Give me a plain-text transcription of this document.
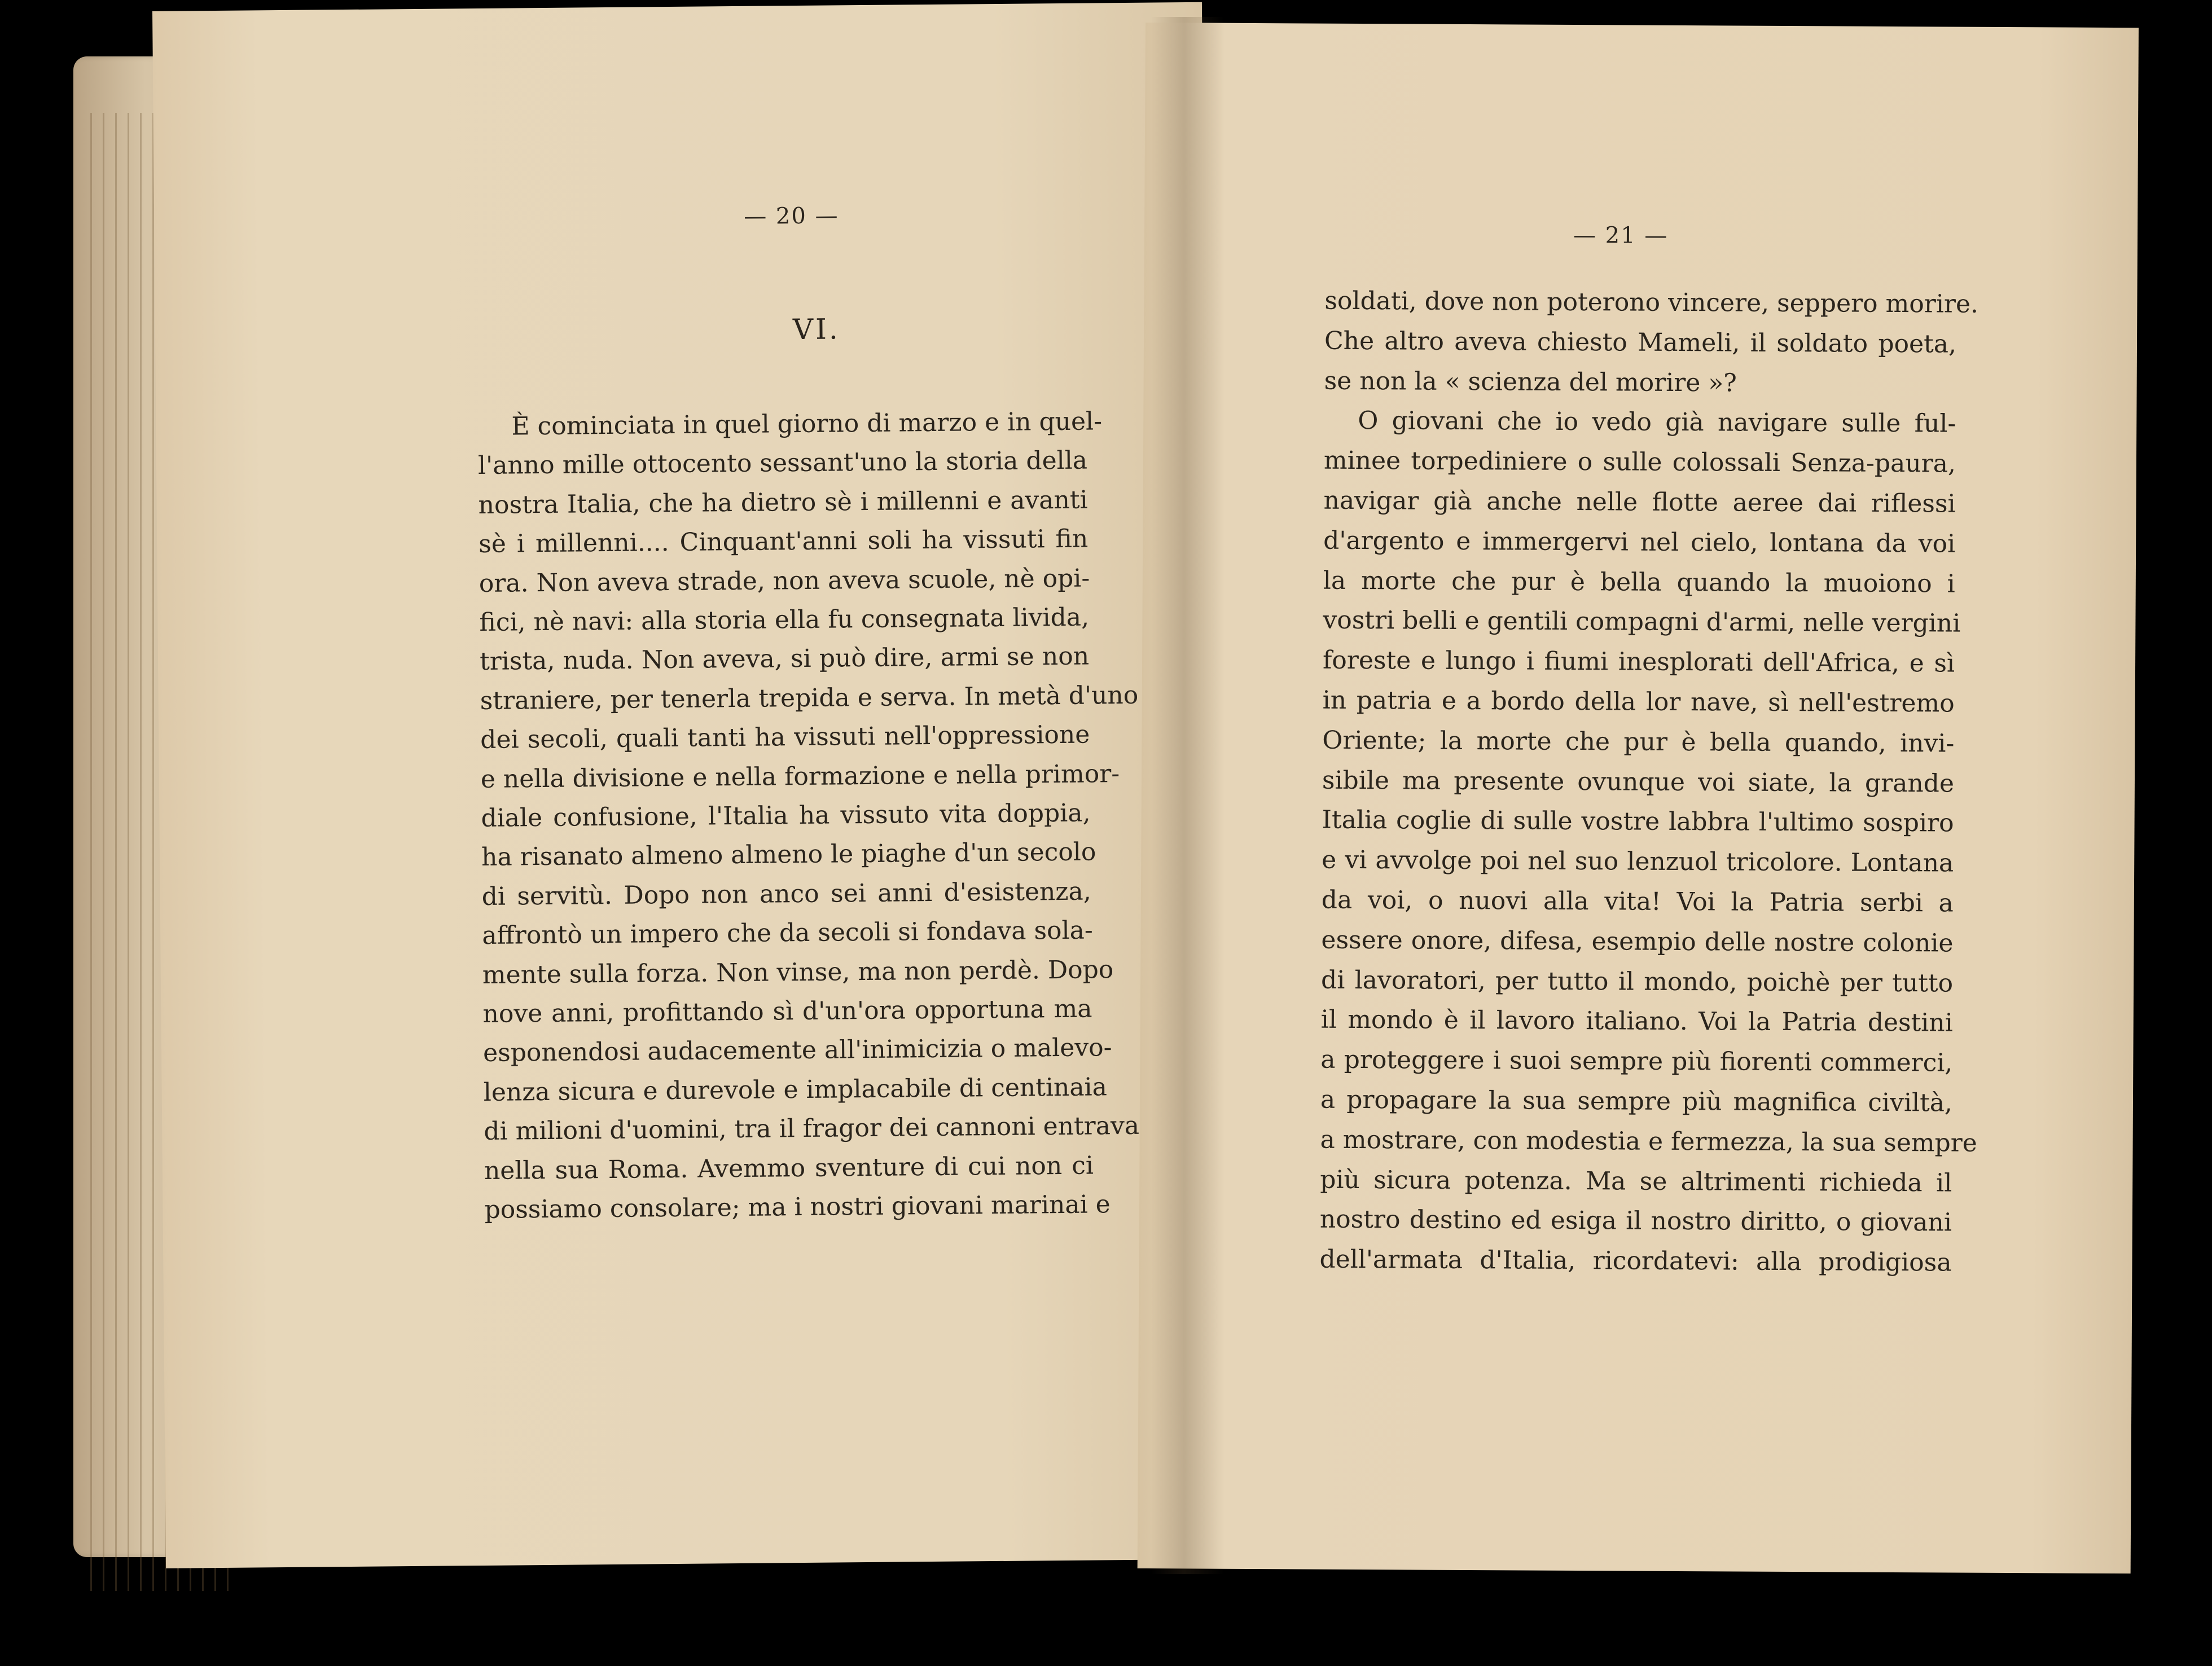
— 20 —
VI.
È cominciata in quel giorno di marzo e in quel-
l'anno mille ottocento sessant'uno la storia della
nostra Italia, che ha dietro sè i millenni e avanti
sè i millenni.... Cinquant'anni soli ha vissuti fin
ora. Non aveva strade, non aveva scuole, nè opi-
fici, nè navi: alla storia ella fu consegnata livida,
trista, nuda. Non aveva, si può dire, armi se non
straniere, per tenerla trepida e serva. In metà d'uno
dei secoli, quali tanti ha vissuti nell'oppressione
e nella divisione e nella formazione e nella primor-
diale confusione, l'Italia ha vissuto vita doppia,
ha risanato almeno almeno le piaghe d'un secolo
di servitù. Dopo non anco sei anni d'esistenza,
affrontò un impero che da secoli si fondava sola-
mente sulla forza. Non vinse, ma non perdè. Dopo
nove anni, profittando sì d'un'ora opportuna ma
esponendosi audacemente all'inimicizia o malevo-
lenza sicura e durevole e implacabile di centinaia
di milioni d'uomini, tra il fragor dei cannoni entrava
nella sua Roma. Avemmo sventure di cui non ci
possiamo consolare; ma i nostri giovani marinai e
— 21 —
soldati, dove non poterono vincere, seppero morire.
Che altro aveva chiesto Mameli, il soldato poeta,
se non la « scienza del morire »?
O giovani che io vedo già navigare sulle ful-
minee torpediniere o sulle colossali Senza-paura,
navigar già anche nelle flotte aeree dai riflessi
d'argento e immergervi nel cielo, lontana da voi
la morte che pur è bella quando la muoiono i
vostri belli e gentili compagni d'armi, nelle vergini
foreste e lungo i fiumi inesplorati dell'Africa, e sì
in patria e a bordo della lor nave, sì nell'estremo
Oriente; la morte che pur è bella quando, invi-
sibile ma presente ovunque voi siate, la grande
Italia coglie di sulle vostre labbra l'ultimo sospiro
e vi avvolge poi nel suo lenzuol tricolore. Lontana
da voi, o nuovi alla vita! Voi la Patria serbi a
essere onore, difesa, esempio delle nostre colonie
di lavoratori, per tutto il mondo, poichè per tutto
il mondo è il lavoro italiano. Voi la Patria destini
a proteggere i suoi sempre più fiorenti commerci,
a propagare la sua sempre più magnifica civiltà,
a mostrare, con modestia e fermezza, la sua sempre
più sicura potenza. Ma se altrimenti richieda il
nostro destino ed esiga il nostro diritto, o giovani
dell'armata d'Italia, ricordatevi: alla prodigiosa
